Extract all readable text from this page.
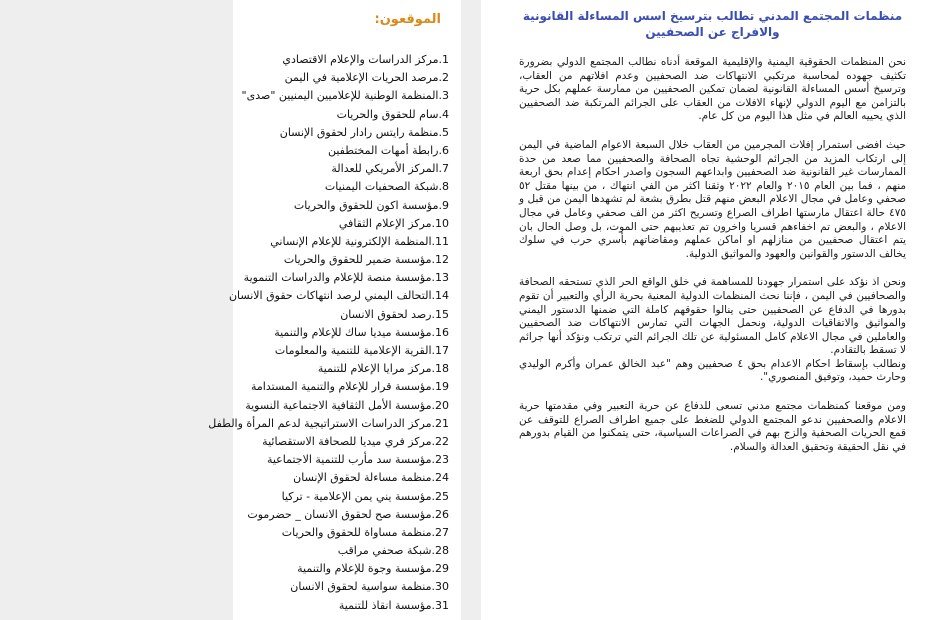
الموقعون:
1.مركز الدراسات والإعلام الاقتصادي
2.مرصد الحريات الإعلامية في اليمن
3.المنظمة الوطنية للإعلاميين اليمنيين "صدى"
4.سام للحقوق والحريات
5.منظمة رايتس رادار لحقوق الإنسان
6.رابطة أمهات المختطفين
7.المركز الأمريكي للعدالة
8.شبكة الصحفيات اليمنيات
9.مؤسسة اكون للحقوق والحريات
10.مركز الإعلام الثقافي
11.المنظمة الإلكترونية للإعلام الإنساني
12.مؤسسة ضمير للحقوق والحريات
13.مؤسسة منصة للإعلام والدراسات التنموية
14.التحالف اليمني لرصد انتهاكات حقوق الانسان
15.رصد لحقوق الانسان
16.مؤسسة ميديا ساك للإعلام والتنمية
17.القرية الإعلامية للتنمية والمعلومات
18.مركز مرايا الإعلام للتنمية
19.مؤسسة قرار للإعلام والتنمية المستدامة
20.مؤسسة الأمل الثقافية الاجتماعية النسوية
21.مركز الدراسات الاستراتيجية لدعم المرأة والطفل
22.مركز فري ميديا للصحافة الاستقصائية
23.مؤسسة سد مأرب للتنمية الاجتماعية
24.منظمة مساءلة لحقوق الإنسان
25.مؤسسة يني يمن الإعلامية - تركيا
26.مؤسسة صح لحقوق الانسان _ حضرموت
27.منظمة مساواة للحقوق والحريات
28.شبكة صحفي مراقب
29.مؤسسة وجوة للإعلام والتنمية
30.منظمة سواسية لحقوق الانسان
31.مؤسسة انقاذ للتنمية
منظمات المجتمع المدني تطالب بترسيخ اسس المساءلة القانونية والافراج عن الصحفيين

نحن المنظمات الحقوقية اليمنية والإقليمية الموقعة أدناه نطالب المجتمع الدولي بضرورة تكثيف جهوده لمحاسبة مرتكبي الانتهاكات ضد الصحفيين وعدم افلاتهم من العقاب، وترسيخ أسس المساءلة القانونية لضمان تمكين الصحفيين من ممارسة عملهم بكل حرية بالتزامن مع اليوم الدولي لإنهاء الافلات من العقاب على الجرائم المرتكبة ضد الصحفيين الذي يحييه العالم في مثل هذا اليوم من كل عام.

حيث افضى استمرار إفلات المجرمين من العقاب خلال السبعة الاعوام الماضية في اليمن إلى ارتكاب المزيد من الجرائم الوحشية تجاه الصحافة والصحفيين مما صعد من حدة الممارسات غير القانونية ضد الصحفيين وابداعهم السجون واصدر احكام إعدام بحق اربعة منهم ، فما بين العام ٢٠١٥ والعام ٢٠٢٢ وثقنا اكثر من الفي انتهاك ، من بينها مقتل ٥٢ صحفي وعامل في مجال الاعلام البعض منهم قتل بطرق بشعة لم تشهدها اليمن من قبل و ٤٧٥ حالة اعتقال مارستها اطراف الصراع وتسريح اكثر من الف صحفي وعامل في مجال الاعلام ، والبعض تم اخفاءهم قسريا واخرون تم تعذيبهم حتى الموت، بل وصل الحال بان يتم اعتقال صحفيين من منازلهم او اماكن عملهم ومقاضاتهم بأسري حرب في سلوك يخالف الدستور والقوانين والعهود والمواثيق الدولية.

ونحن اذ نؤكد على استمرار جهودنا للمساهمة في خلق الواقع الحر الذي تستحقه الصحافة والصحافيين في اليمن ، فإننا نحث المنظمات الدولية المعنية بحرية الرأي والتعبير أن تقوم بدورها في الدفاع عن الصحفيين حتى ينالوا حقوقهم كاملة التي ضمنها الدستور اليمني والمواثيق والاتفاقيات الدولية، ونحمل الجهات التي تمارس الانتهاكات ضد الصحفيين والعاملين في مجال الاعلام كامل المسئولية عن تلك الجرائم التي ترتكب ونؤكد أنها جرائم لا تسقط بالتقادم.

ونطالب بإسقاط احكام الاعدام بحق ٤ صحفيين وهم "عبد الخالق عمران وأكرم الوليدي وحارث حميد، وتوفيق المنصوري".

ومن موقعنا كمنظمات مجتمع مدني تسعى للدفاع عن حرية التعبير وفي مقدمتها حرية الاعلام والصحفيين ندعو المجتمع الدولي للضغط على جميع اطراف الصراع للتوقف عن قمع الحريات الصحفية والزج بهم في الصراعات السياسية، حتى يتمكنوا من القيام بدورهم في نقل الحقيقة وتحقيق العدالة والسلام.
